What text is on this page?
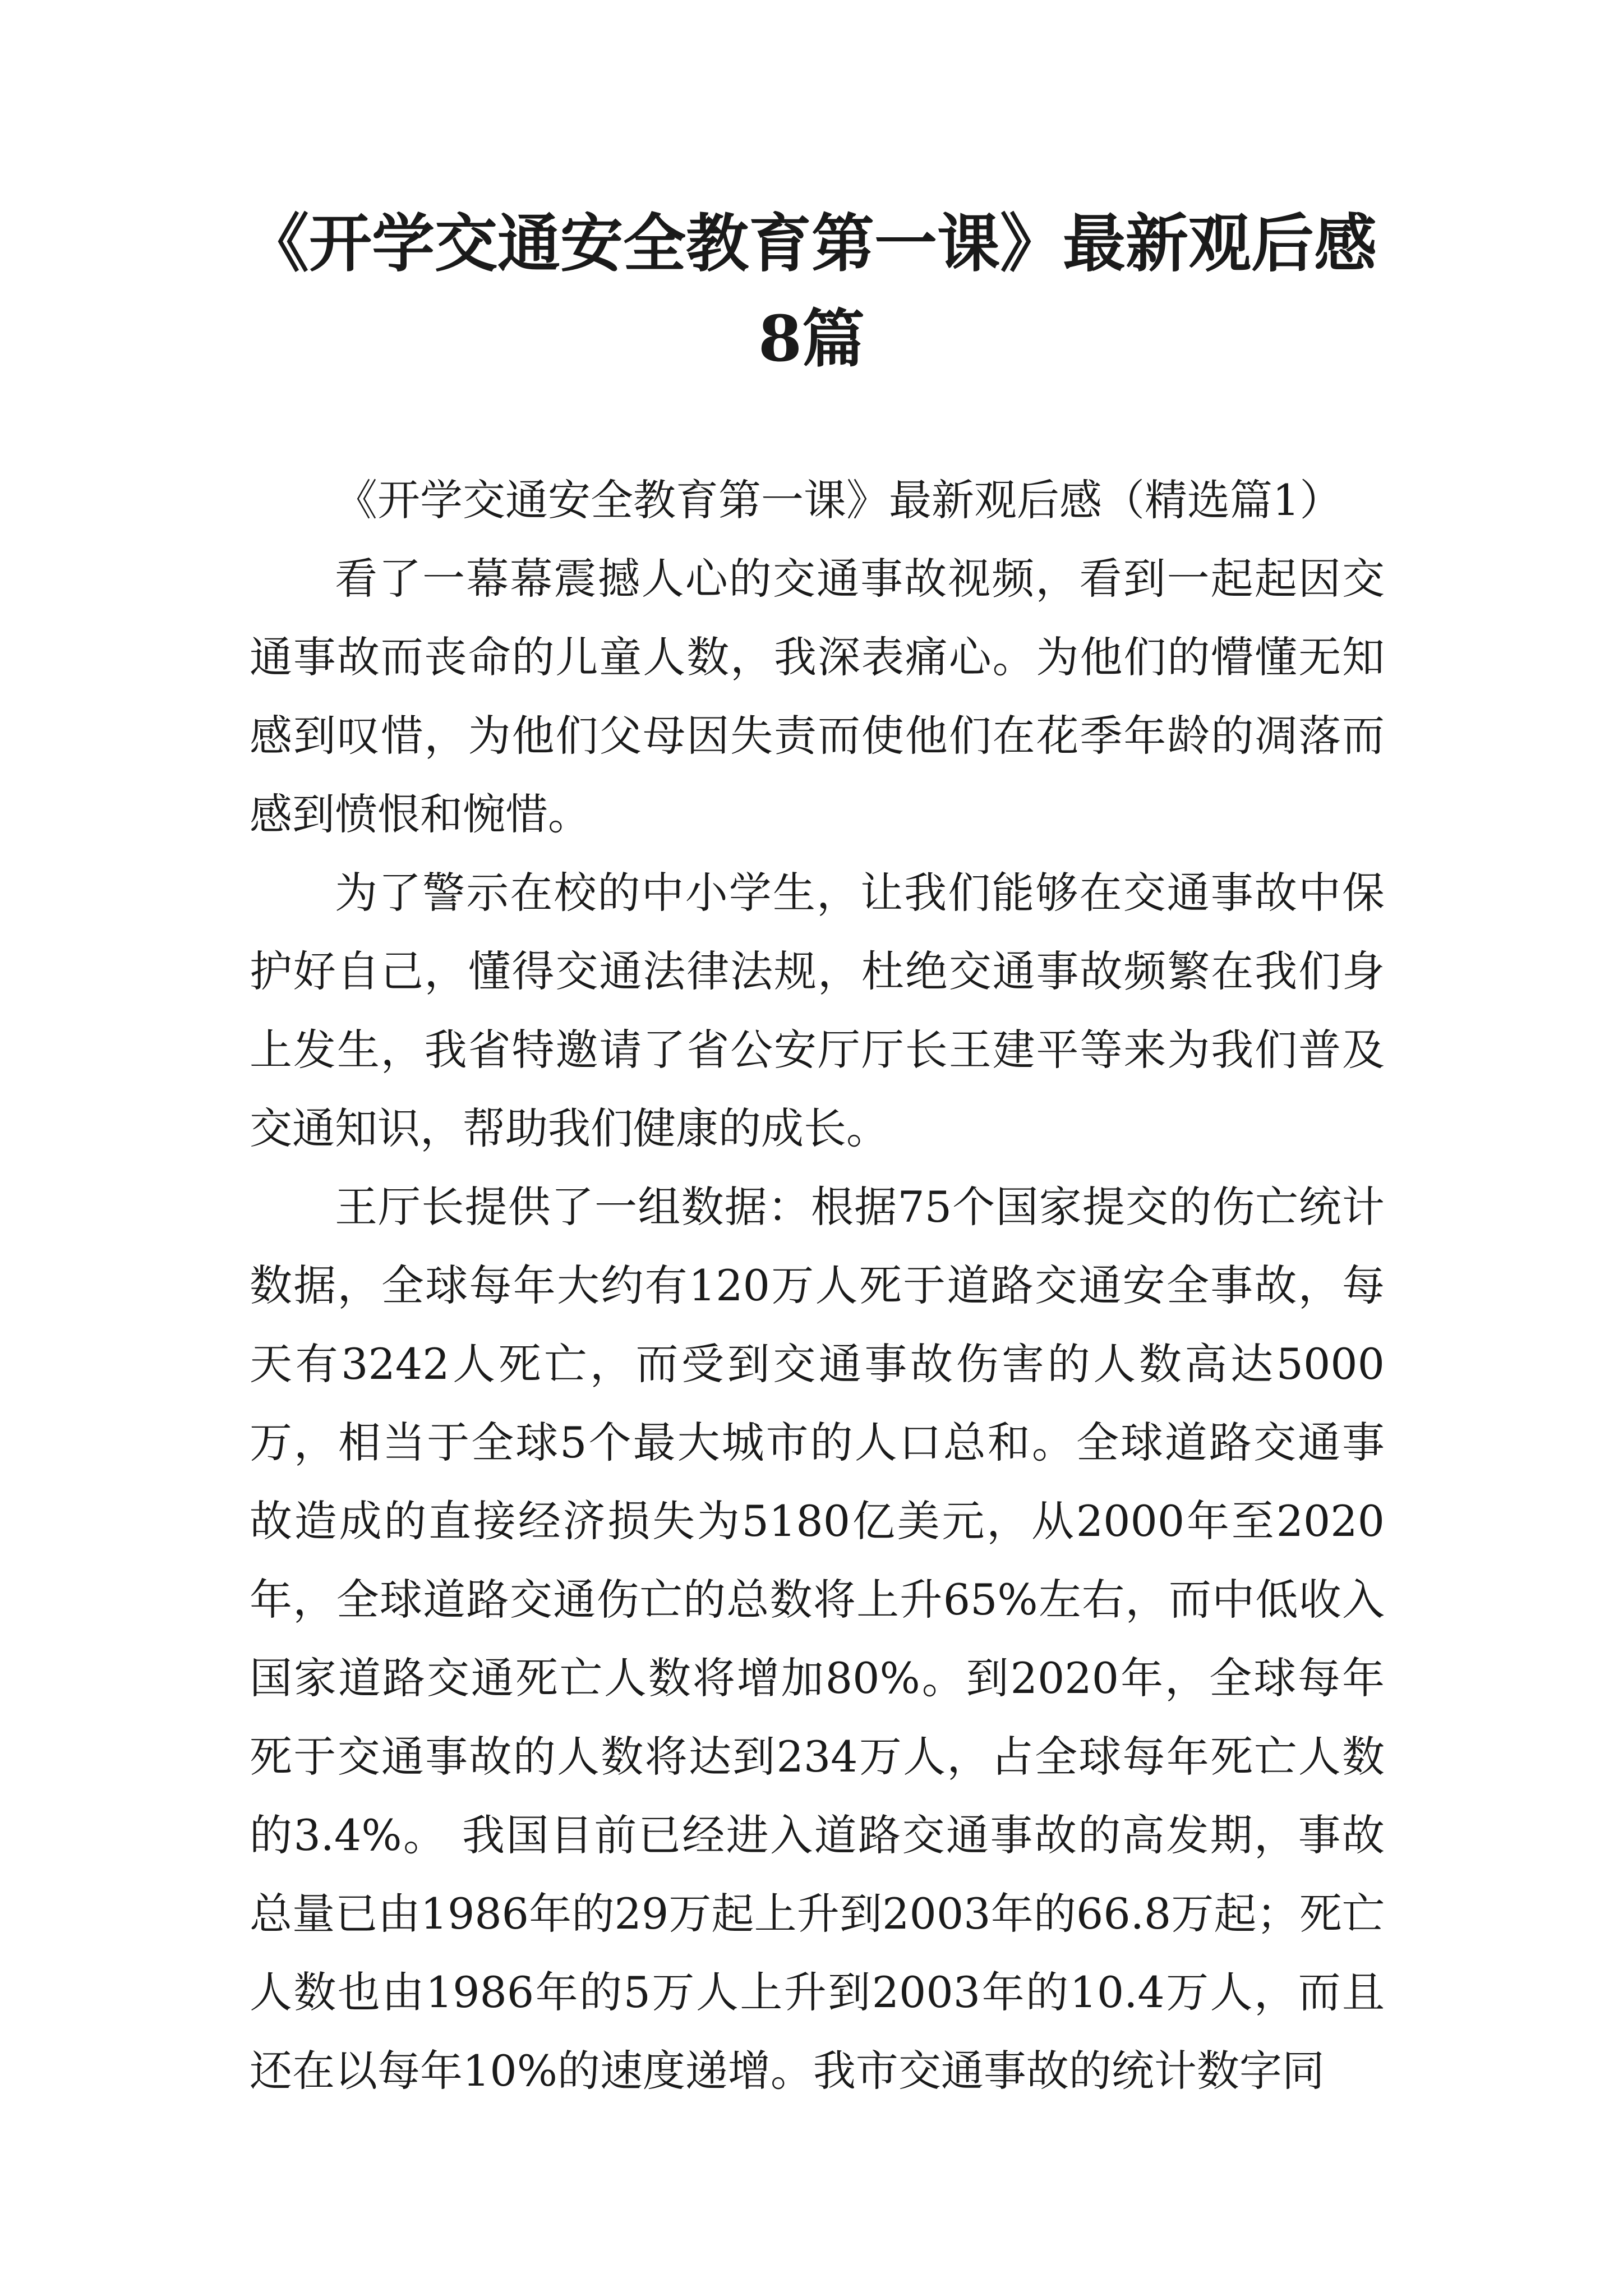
《开学交通安全教育第一课》最新观后感8篇

《开学交通安全教育第一课》最新观后感（精选篇1）

看了一幕幕震撼人心的交通事故视频，看到一起起因交通事故而丧命的儿童人数，我深表痛心。为他们的懵懂无知感到叹惜，为他们父母因失责而使他们在花季年龄的凋落而感到愤恨和惋惜。

为了警示在校的中小学生，让我们能够在交通事故中保护好自己，懂得交通法律法规，杜绝交通事故频繁在我们身上发生，我省特邀请了省公安厅厅长王建平等来为我们普及交通知识，帮助我们健康的成长。

王厅长提供了一组数据：根据75个国家提交的伤亡统计数据，全球每年大约有120万人死于道路交通安全事故，每天有3242人死亡，而受到交通事故伤害的人数高达5000万，相当于全球5个最大城市的人口总和。全球道路交通事故造成的直接经济损失为5180亿美元，从2000年至2020年，全球道路交通伤亡的总数将上升65%左右，而中低收入国家道路交通死亡人数将增加80%。到2020年，全球每年死于交通事故的人数将达到234万人，占全球每年死亡人数的3.4%。 我国目前已经进入道路交通事故的高发期，事故总量已由1986年的29万起上升到2003年的66.8万起；死亡人数也由1986年的5万人上升到2003年的10.4万人，而且还在以每年10%的速度递增。我市交通事故的统计数字同
